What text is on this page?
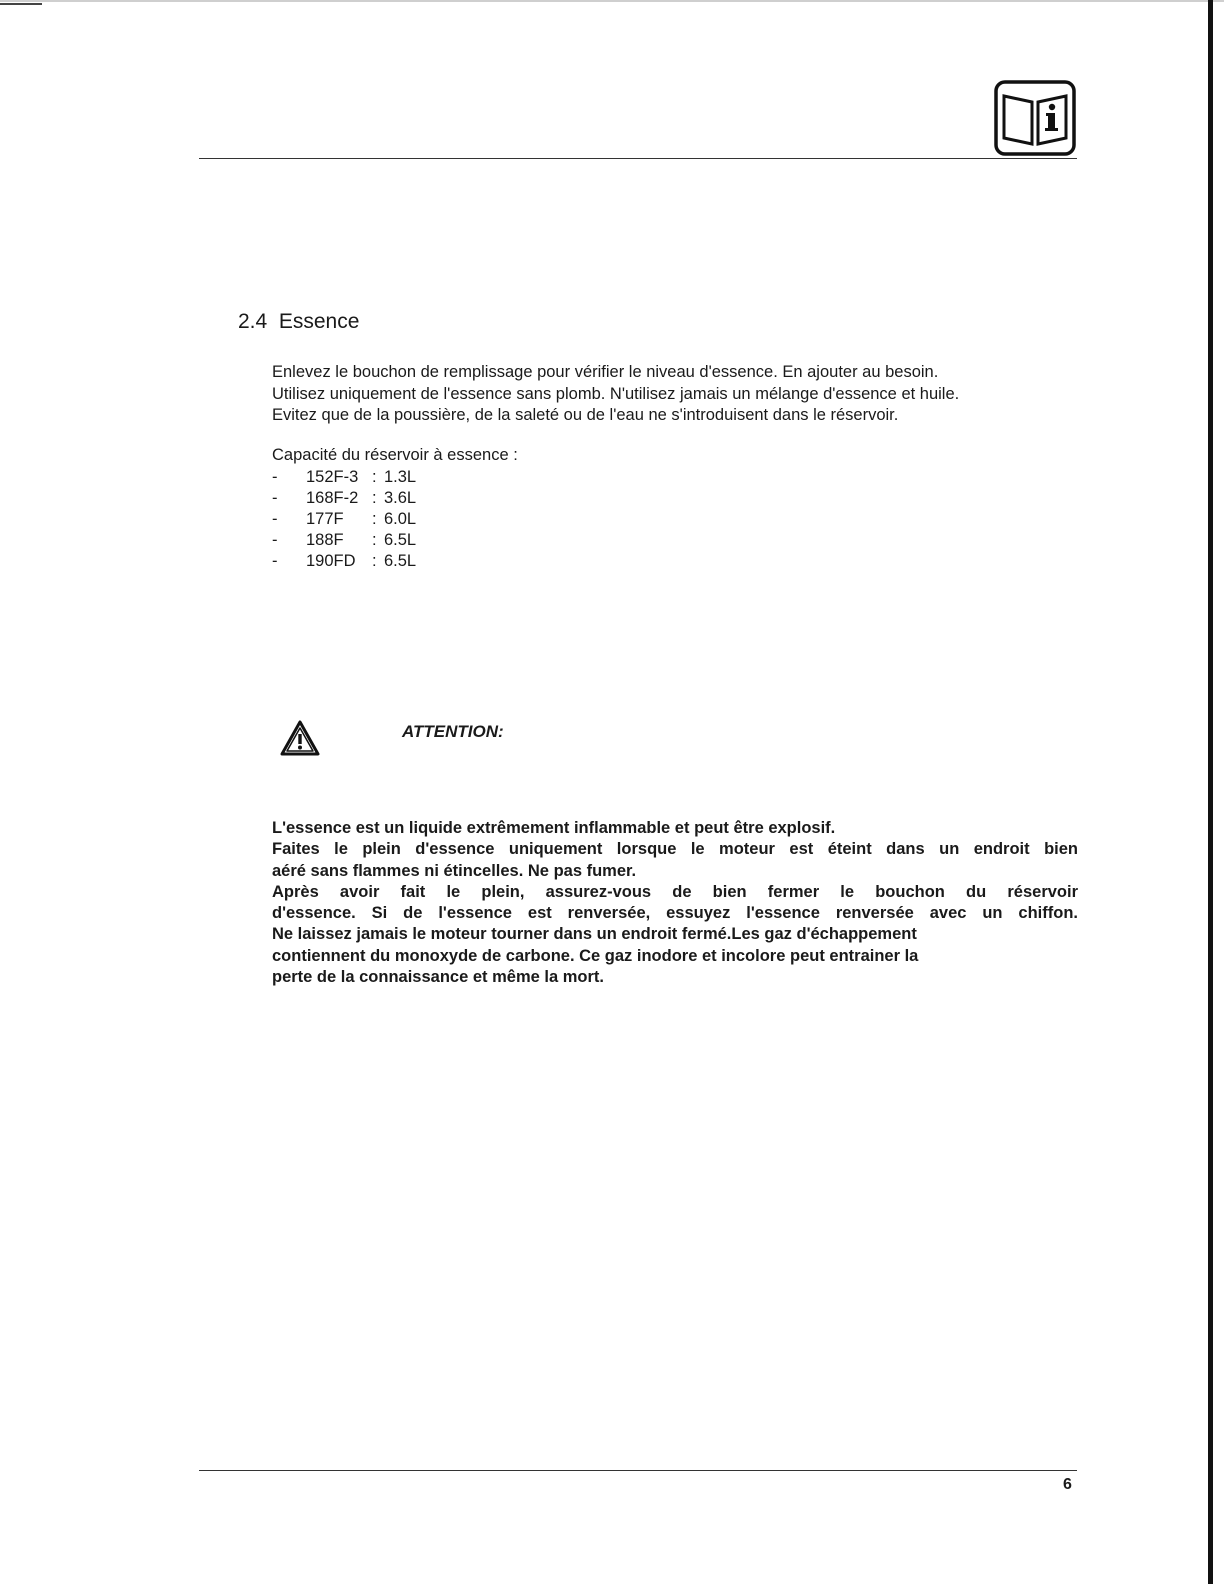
2.4 Essence
Enlevez le bouchon de remplissage pour vérifier le niveau d'essence. En ajouter au besoin.
Utilisez uniquement de l'essence sans plomb. N'utilisez jamais un mélange d'essence et huile.
Evitez que de la poussière, de la saleté ou de l'eau ne s'introduisent dans le réservoir.
Capacité du réservoir à essence :
- 152F-3 : 1.3L
- 168F-2 : 3.6L
- 177F : 6.0L
- 188F : 6.5L
- 190FD : 6.5L
ATTENTION:
L'essence est un liquide extrêmement inflammable et peut être explosif.
Faites le plein d'essence uniquement lorsque le moteur est éteint dans un endroit bien
aéré sans flammes ni étincelles. Ne pas fumer.
Après avoir fait le plein, assurez-vous de bien fermer le bouchon du réservoir
d'essence. Si de l'essence est renversée, essuyez l'essence renversée avec un chiffon.
Ne laissez jamais le moteur tourner dans un endroit fermé.Les gaz d'échappement
contiennent du monoxyde de carbone. Ce gaz inodore et incolore peut entrainer la
perte de la connaissance et même la mort.
6
